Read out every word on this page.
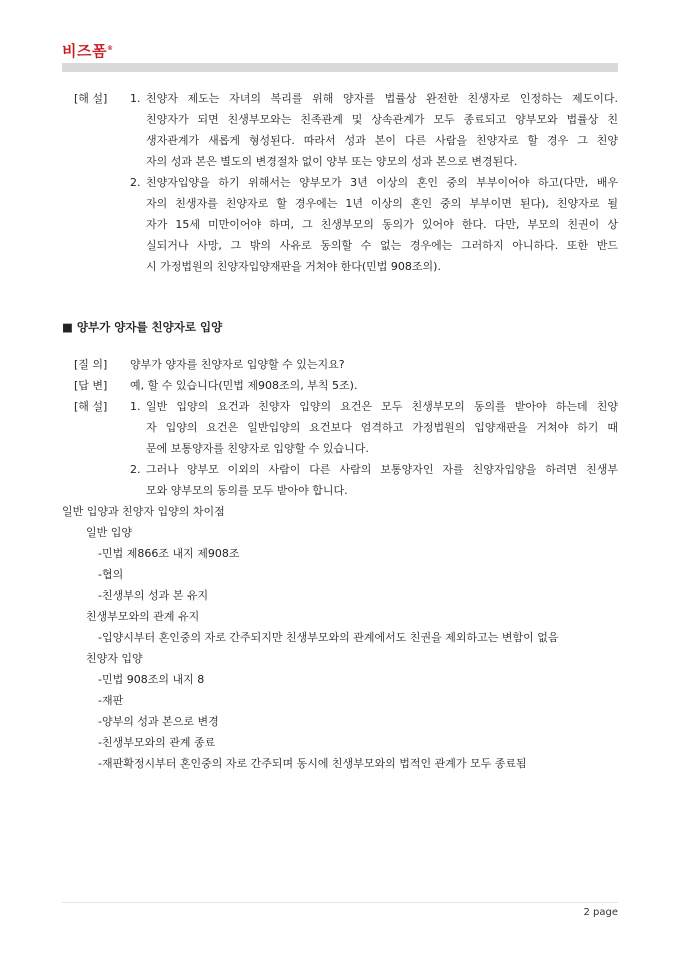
비즈폼®
[해 설] 1. 친양자 제도는 자녀의 복리를 위해 양자를 법률상 완전한 친생자로 인정하는 제도이다.
친양자가 되면 친생부모와는 친족관계 및 상속관계가 모두 종료되고 양부모와 법률상 친
생자관계가 새롭게 형성된다. 따라서 성과 본이 다른 사람을 친양자로 할 경우 그 친양
자의 성과 본은 별도의 변경절차 없이 양부 또는 양모의 성과 본으로 변경된다.
2. 친양자입양을 하기 위해서는 양부모가 3년 이상의 혼인 중의 부부이어야 하고(다만, 배우
자의 친생자를 친양자로 할 경우에는 1년 이상의 혼인 중의 부부이면 된다), 친양자로 될
자가 15세 미만이어야 하며, 그 친생부모의 동의가 있어야 한다. 다만, 부모의 친권이 상
실되거나 사망, 그 밖의 사유로 동의할 수 없는 경우에는 그러하지 아니하다. 또한 반드
시 가정법원의 친양자입양재판을 거쳐야 한다(민법 908조의).
■ 양부가 양자를 친양자로 입양
[질 의] 양부가 양자를 친양자로 입양할 수 있는지요?
[답 변] 예, 할 수 있습니다(민법 제908조의, 부칙 5조).
[해 설] 1. 일반 입양의 요건과 친양자 입양의 요건은 모두 친생부모의 동의를 받아야 하는데 친양
자 입양의 요건은 일반입양의 요건보다 엄격하고 가정법원의 입양재판을 거쳐야 하기 때
문에 보통양자를 친양자로 입양할 수 있습니다.
2. 그러나 양부모 이외의 사람이 다른 사람의 보통양자인 자를 친양자입양을 하려면 친생부
모와 양부모의 동의를 모두 받아야 합니다.
일반 입양과 친양자 입양의 차이점
일반 입양
-민법 제866조 내지 제908조
-협의
-친생부의 성과 본 유지
친생부모와의 관계 유지
-입양시부터 혼인중의 자로 간주되지만 친생부모와의 관계에서도 친권을 제외하고는 변함이 없음
친양자 입양
-민법 908조의 내지 8
-재판
-양부의 성과 본으로 변경
-친생부모와의 관계 종료
-재판확정시부터 혼인중의 자로 간주되며 동시에 친생부모와의 법적인 관계가 모두 종료됨
2 page
